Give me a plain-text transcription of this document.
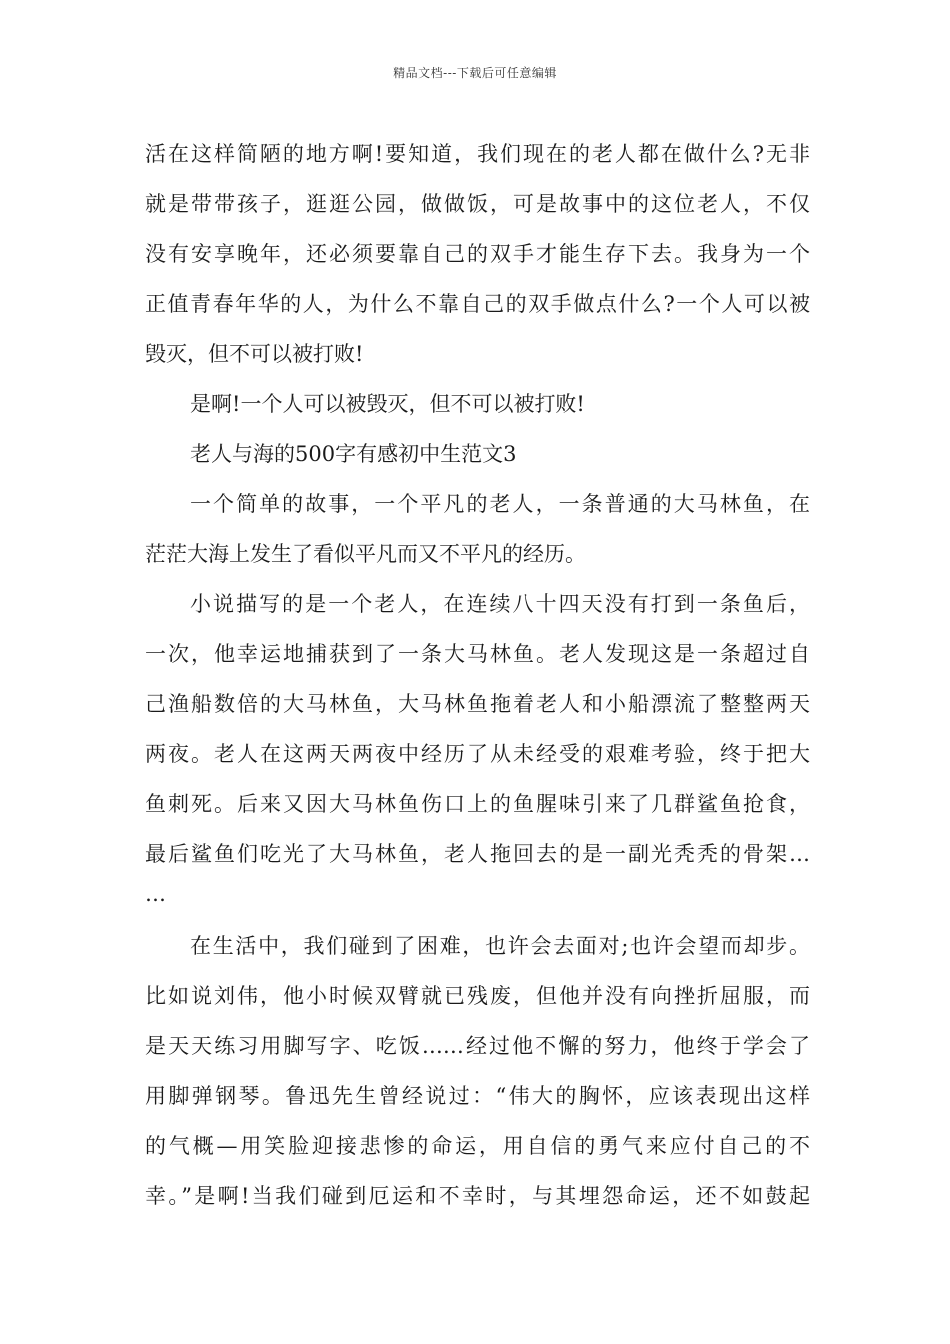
精品文档---下载后可任意编辑
活在这样简陋的地方啊!要知道，我们现在的老人都在做什么?无非
就是带带孩子，逛逛公园，做做饭，可是故事中的这位老人，不仅
没有安享晚年，还必须要靠自己的双手才能生存下去。我身为一个
正值青春年华的人，为什么不靠自己的双手做点什么?一个人可以被
毁灭，但不可以被打败!
是啊!一个人可以被毁灭，但不可以被打败!
老人与海的500字有感初中生范文3
一个简单的故事，一个平凡的老人，一条普通的大马林鱼，在
茫茫大海上发生了看似平凡而又不平凡的经历。
小说描写的是一个老人，在连续八十四天没有打到一条鱼后，
一次，他幸运地捕获到了一条大马林鱼。老人发现这是一条超过自
己渔船数倍的大马林鱼，大马林鱼拖着老人和小船漂流了整整两天
两夜。老人在这两天两夜中经历了从未经受的艰难考验，终于把大
鱼刺死。后来又因大马林鱼伤口上的鱼腥味引来了几群鲨鱼抢食，
最后鲨鱼们吃光了大马林鱼，老人拖回去的是一副光秃秃的骨架…
…
在生活中，我们碰到了困难，也许会去面对;也许会望而却步。
比如说刘伟，他小时候双臂就已残废，但他并没有向挫折屈服，而
是天天练习用脚写字、吃饭……经过他不懈的努力，他终于学会了
用脚弹钢琴。鲁迅先生曾经说过：“伟大的胸怀，应该表现出这样
的气概—用笑脸迎接悲惨的命运，用自信的勇气来应付自己的不
幸。”是啊!当我们碰到厄运和不幸时，与其埋怨命运，还不如鼓起
